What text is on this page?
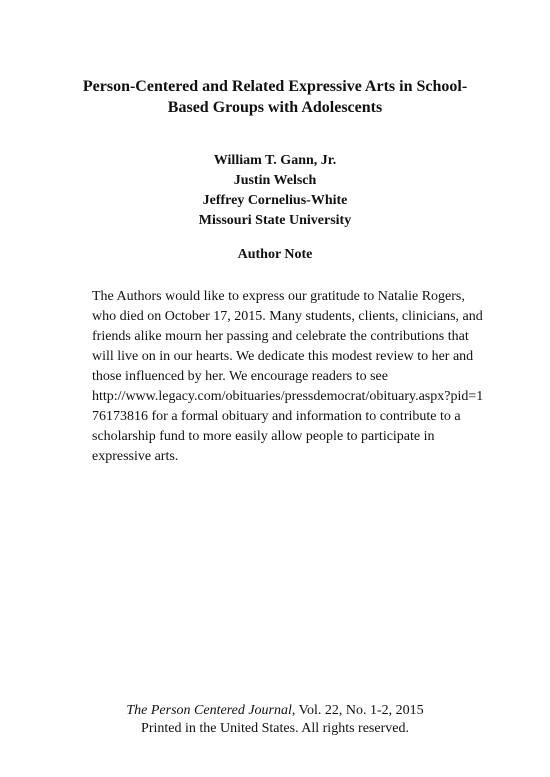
Person-Centered and Related Expressive Arts in School-
Based Groups with Adolescents
William T. Gann, Jr.
Justin Welsch
Jeffrey Cornelius-White
Missouri State University
Author Note
The Authors would like to express our gratitude to Natalie Rogers,
who died on October 17, 2015. Many students, clients, clinicians, and
friends alike mourn her passing and celebrate the contributions that
will live on in our hearts. We dedicate this modest review to her and
those influenced by her. We encourage readers to see
http://www.legacy.com/obituaries/pressdemocrat/obituary.aspx?pid=1
76173816 for a formal obituary and information to contribute to a
scholarship fund to more easily allow people to participate in
expressive arts.
The Person Centered Journal, Vol. 22, No. 1-2, 2015
Printed in the United States. All rights reserved.
